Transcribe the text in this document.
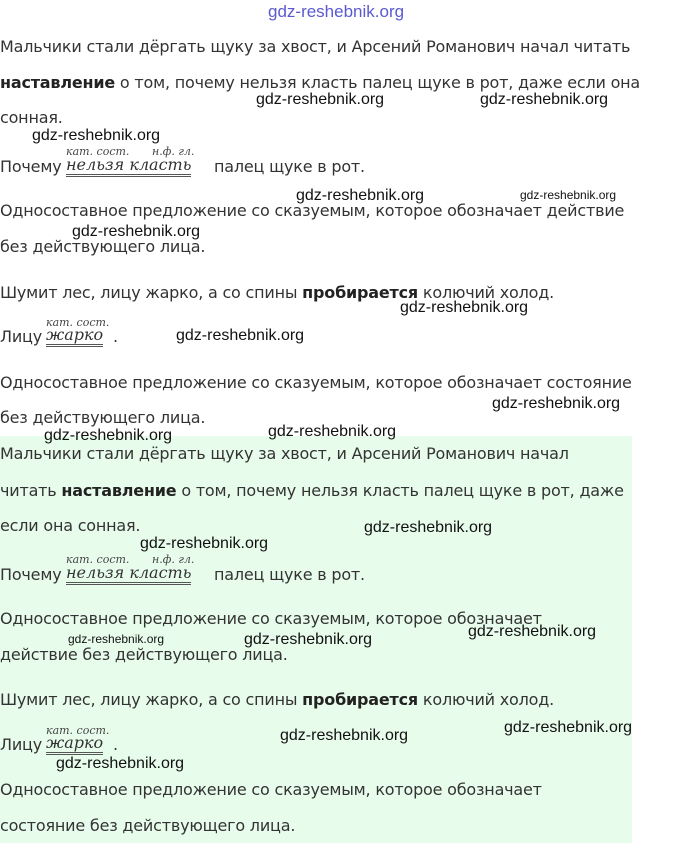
gdz-reshebnik.org
Мальчики стали дёргать щуку за хвост, и Арсений Романович начал читать
наставление о том, почему нельзя класть палец щуке в рот, даже если она
сонная.
Почему
кат. сост. н.ф. гл.
нельзя класть палец щуке в рот.
Односоставное предложение со сказуемым, которое обозначает действие
без действующего лица.
Шумит лес, лицу жарко, а со спины пробирается колючий холод.
Лицу
кат. сост.
жарко .
Односоставное предложение со сказуемым, которое обозначает состояние
без действующего лица.
Мальчики стали дёргать щуку за хвост, и Арсений Романович начал
читать наставление о том, почему нельзя класть палец щуке в рот, даже
если она сонная.
Почему
кат. сост. н.ф. гл.
нельзя класть палец щуке в рот.
Односоставное предложение со сказуемым, которое обозначает
действие без действующего лица.
Шумит лес, лицу жарко, а со спины пробирается колючий холод.
Лицу
кат. сост.
жарко .
Односоставное предложение со сказуемым, которое обозначает
состояние без действующего лица.
gdz-reshebnik.org	gdz-reshebnik.org
gdz-reshebnik.org
gdz-reshebnik.org	gdz-reshebnik.org
gdz-reshebnik.org
gdz-reshebnik.org
gdz-reshebnik.org
gdz-reshebnik.org
gdz-reshebnik.org
gdz-reshebnik.org
gdz-reshebnik.org
gdz-reshebnik.org
gdz-reshebnik.org
gdz-reshebnik.org	gdz-reshebnik.org
gdz-reshebnik.org
gdz-reshebnik.org
gdz-reshebnik.org
